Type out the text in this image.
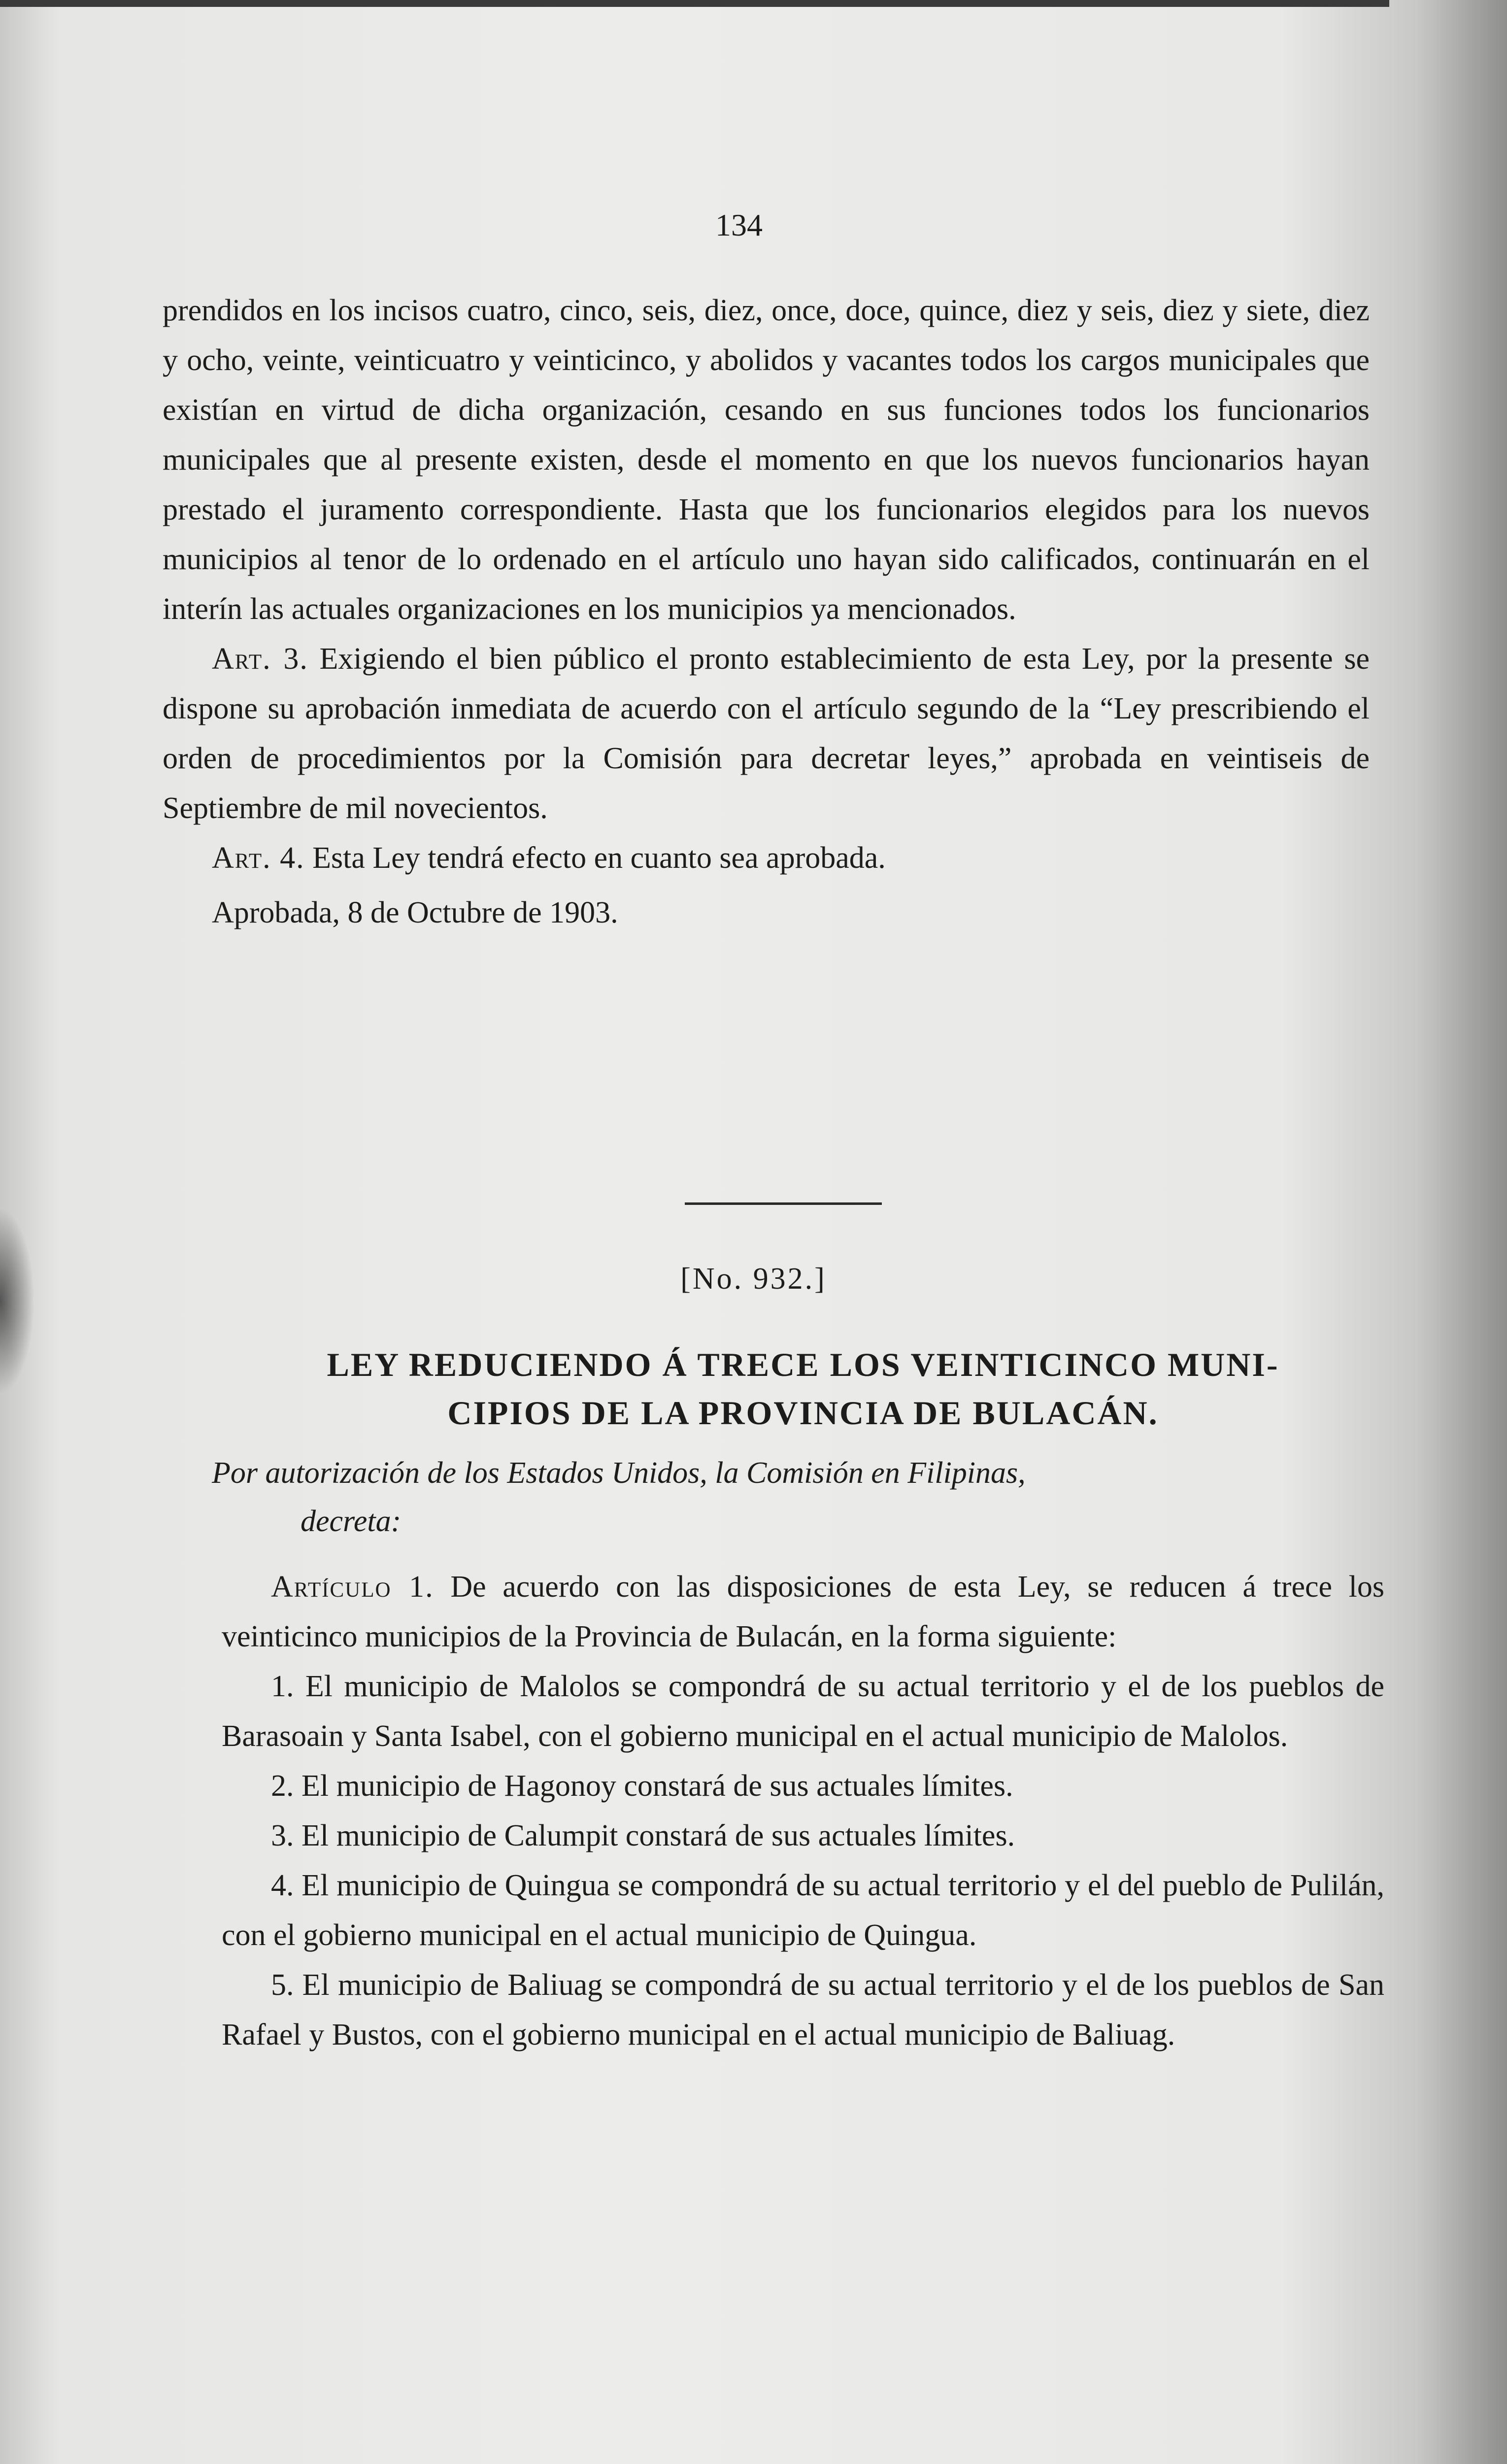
134

prendidos en los incisos cuatro, cinco, seis, diez, once, doce, quince, diez y seis, diez y siete, diez y ocho, veinte, veinticuatro y veinticinco, y abolidos y vacantes todos los cargos municipales que existían en virtud de dicha organización, cesando en sus funciones todos los funcionarios municipales que al presente existen, desde el momento en que los nuevos funcionarios hayan prestado el juramento correspondiente. Hasta que los funcionarios elegidos para los nuevos municipios al tenor de lo ordenado en el artículo uno hayan sido calificados, continuarán en el interín las actuales organizaciones en los municipios ya mencionados.

Art. 3. Exigiendo el bien público el pronto establecimiento de esta Ley, por la presente se dispone su aprobación inmediata de acuerdo con el artículo segundo de la “Ley prescribiendo el orden de procedimientos por la Comisión para decretar leyes,” aprobada en veintiseis de Septiembre de mil novecientos.

Art. 4. Esta Ley tendrá efecto en cuanto sea aprobada.

Aprobada, 8 de Octubre de 1903.

[No. 932.]
LEY REDUCIENDO Á TRECE LOS VEINTICINCO MUNI-
CIPIOS DE LA PROVINCIA DE BULACÁN.
Por autorización de los Estados Unidos, la Comisión en Filipinas,
decreta:

Artículo 1. De acuerdo con las disposiciones de esta Ley, se reducen á trece los veinticinco municipios de la Provincia de Bulacán, en la forma siguiente:

1. El municipio de Malolos se compondrá de su actual territorio y el de los pueblos de Barasoain y Santa Isabel, con el gobierno municipal en el actual municipio de Malolos.

2. El municipio de Hagonoy constará de sus actuales límites.

3. El municipio de Calumpit constará de sus actuales límites.

4. El municipio de Quingua se compondrá de su actual territorio y el del pueblo de Pulilán, con el gobierno municipal en el actual municipio de Quingua.

5. El municipio de Baliuag se compondrá de su actual territorio y el de los pueblos de San Rafael y Bustos, con el gobierno municipal en el actual municipio de Baliuag.
